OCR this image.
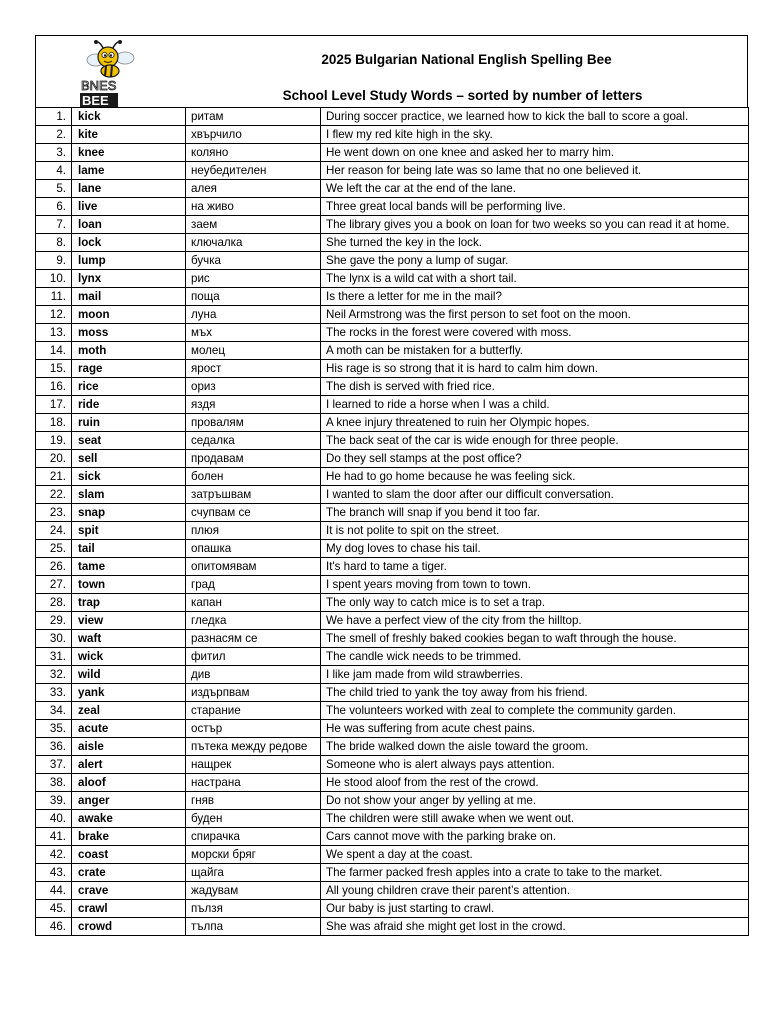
BNES
BEE
2025 Bulgarian National English Spelling Bee
School Level Study Words – sorted by number of letters
1.	kick	ритам	During soccer practice, we learned how to kick the ball to score a goal.
2.	kite	хвърчило	I flew my red kite high in the sky.
3.	knee	коляно	He went down on one knee and asked her to marry him.
4.	lame	неубедителен	Her reason for being late was so lame that no one believed it.
5.	lane	алея	We left the car at the end of the lane.
6.	live	на живо	Three great local bands will be performing live.
7.	loan	заем	The library gives you a book on loan for two weeks so you can read it at home.
8.	lock	ключалка	She turned the key in the lock.
9.	lump	бучка	She gave the pony a lump of sugar.
10.	lynx	рис	The lynx is a wild cat with a short tail.
11.	mail	поща	Is there a letter for me in the mail?
12.	moon	луна	Neil Armstrong was the first person to set foot on the moon.
13.	moss	мъх	The rocks in the forest were covered with moss.
14.	moth	молец	A moth can be mistaken for a butterfly.
15.	rage	ярост	His rage is so strong that it is hard to calm him down.
16.	rice	ориз	The dish is served with fried rice.
17.	ride	яздя	I learned to ride a horse when I was a child.
18.	ruin	провалям	A knee injury threatened to ruin her Olympic hopes.
19.	seat	седалка	The back seat of the car is wide enough for three people.
20.	sell	продавам	Do they sell stamps at the post office?
21.	sick	болен	He had to go home because he was feeling sick.
22.	slam	затръшвам	I wanted to slam the door after our difficult conversation.
23.	snap	счупвам се	The branch will snap if you bend it too far.
24.	spit	плюя	It is not polite to spit on the street.
25.	tail	опашка	My dog loves to chase his tail.
26.	tame	опитомявам	It's hard to tame a tiger.
27.	town	град	I spent years moving from town to town.
28.	trap	капан	The only way to catch mice is to set a trap.
29.	view	гледка	We have a perfect view of the city from the hilltop.
30.	waft	разнасям се	The smell of freshly baked cookies began to waft through the house.
31.	wick	фитил	The candle wick needs to be trimmed.
32.	wild	див	I like jam made from wild strawberries.
33.	yank	издърпвам	The child tried to yank the toy away from his friend.
34.	zeal	старание	The volunteers worked with zeal to complete the community garden.
35.	acute	остър	He was suffering from acute chest pains.
36.	aisle	пътека между редове	The bride walked down the aisle toward the groom.
37.	alert	нащрек	Someone who is alert always pays attention.
38.	aloof	настрана	He stood aloof from the rest of the crowd.
39.	anger	гняв	Do not show your anger by yelling at me.
40.	awake	буден	The children were still awake when we went out.
41.	brake	спирачка	Cars cannot move with the parking brake on.
42.	coast	морски бряг	We spent a day at the coast.
43.	crate	щайга	The farmer packed fresh apples into a crate to take to the market.
44.	crave	жадувам	All young children crave their parent’s attention.
45.	crawl	пълзя	Our baby is just starting to crawl.
46.	crowd	тълпа	She was afraid she might get lost in the crowd.
